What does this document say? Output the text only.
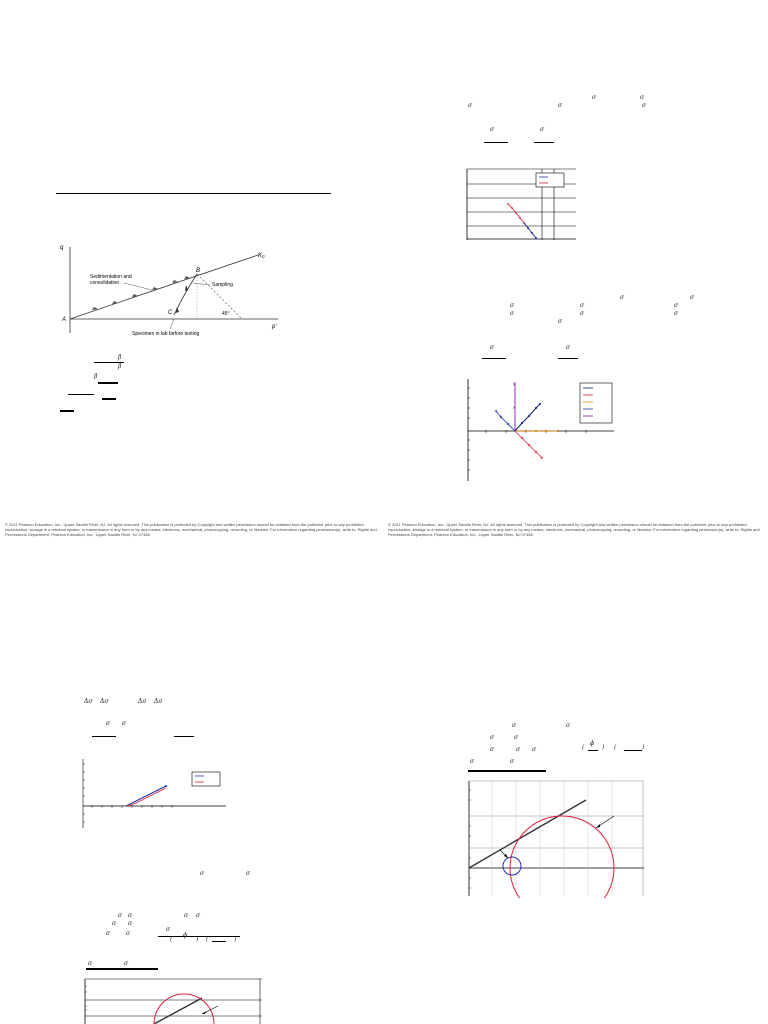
q
p'
K₀
Sedimentation and
consolidation	Sampling
Specimen in lab before testing
A
B
C	45°
β
β
β
σ	σ
σ	σ	σ
σ	σ
σ	σ
σ	σ	σ
σ	σ	σ
σ
σ	σ
x
x
© 2011 Pearson Education, Inc., Upper Saddle River, NJ. All rights reserved. This publication is protected by Copyright and written permission should be obtained from the publisher prior to any prohibited reproduction, storage in a retrieval system, or transmission in any form or by any means, electronic, mechanical, photocopying, recording, or likewise. For information regarding permission(s), write to: Rights and Permissions Department, Pearson Education, Inc., Upper Saddle River, NJ 07458.
© 2011 Pearson Education, Inc., Upper Saddle River, NJ. All rights reserved. This publication is protected by Copyright and written permission should be obtained from the publisher prior to any prohibited reproduction, storage in a retrieval system, or transmission in any form or by any means, electronic, mechanical, photocopying, recording, or likewise. For information regarding permission(s), write to: Rights and Permissions Department, Pearson Education, Inc., Upper Saddle River, NJ 07458.
Δσ Δσ	Δσ Δσ
σ σ
σ	σ
σ σ	σ σ
σ σ
σ	σ
σ
(
ϕ
) (	)
σ	σ
σ	σ
σ	σ
σ	σ σ	(
ϕ
) (	)
σ	σ
